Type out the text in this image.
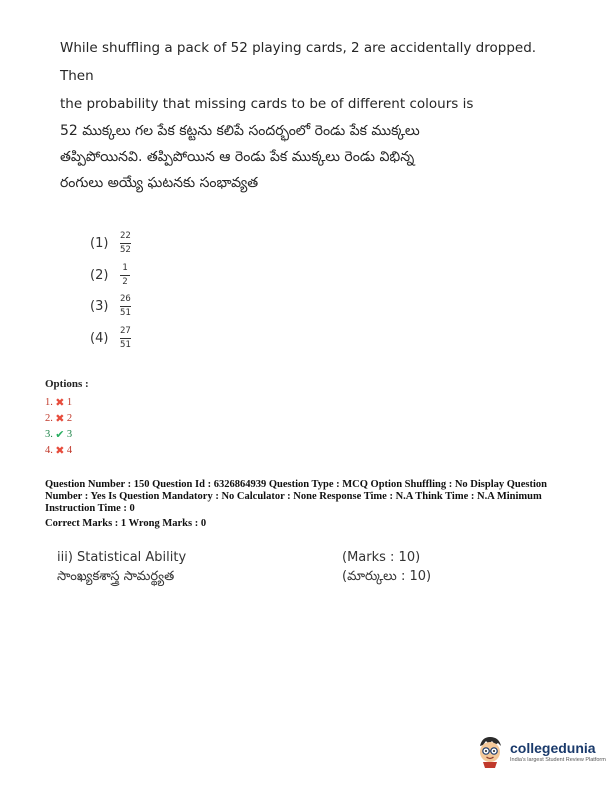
While shuffling a pack of 52 playing cards, 2 are accidentally dropped. Then
the probability that missing cards to be of different colours is
52 ముక్కలు గల పేక కట్టను కలిపే సందర్భంలో రెండు పేక ముక్కలు
తప్పిపోయినవి. తప్పిపోయిన ఆ రెండు పేక ముక్కలు రెండు విభిన్న
రంగులు అయ్యే ఘటనకు సంభావ్యత
(1)	$\frac{22}{52}$
(2)	$\frac{1}{2}$
(3)	$\frac{26}{51}$
(4)	$\frac{27}{51}$
Options :
1. ✖ 1
2. ✖ 2
3. ✔ 3
4. ✖ 4
Question Number : 150 Question Id : 6326864939 Question Type : MCQ Option Shuffling : No Display Question
Number : Yes Is Question Mandatory : No Calculator : None Response Time : N.A Think Time : N.A Minimum
Instruction Time : 0
Correct Marks : 1 Wrong Marks : 0
iii) Statistical Ability
సాంఖ్యకశాస్త్ర సామర్థ్యత
(Marks : 10)
(మార్కులు : 10)
collegedunia
India's largest Student Review Platform
